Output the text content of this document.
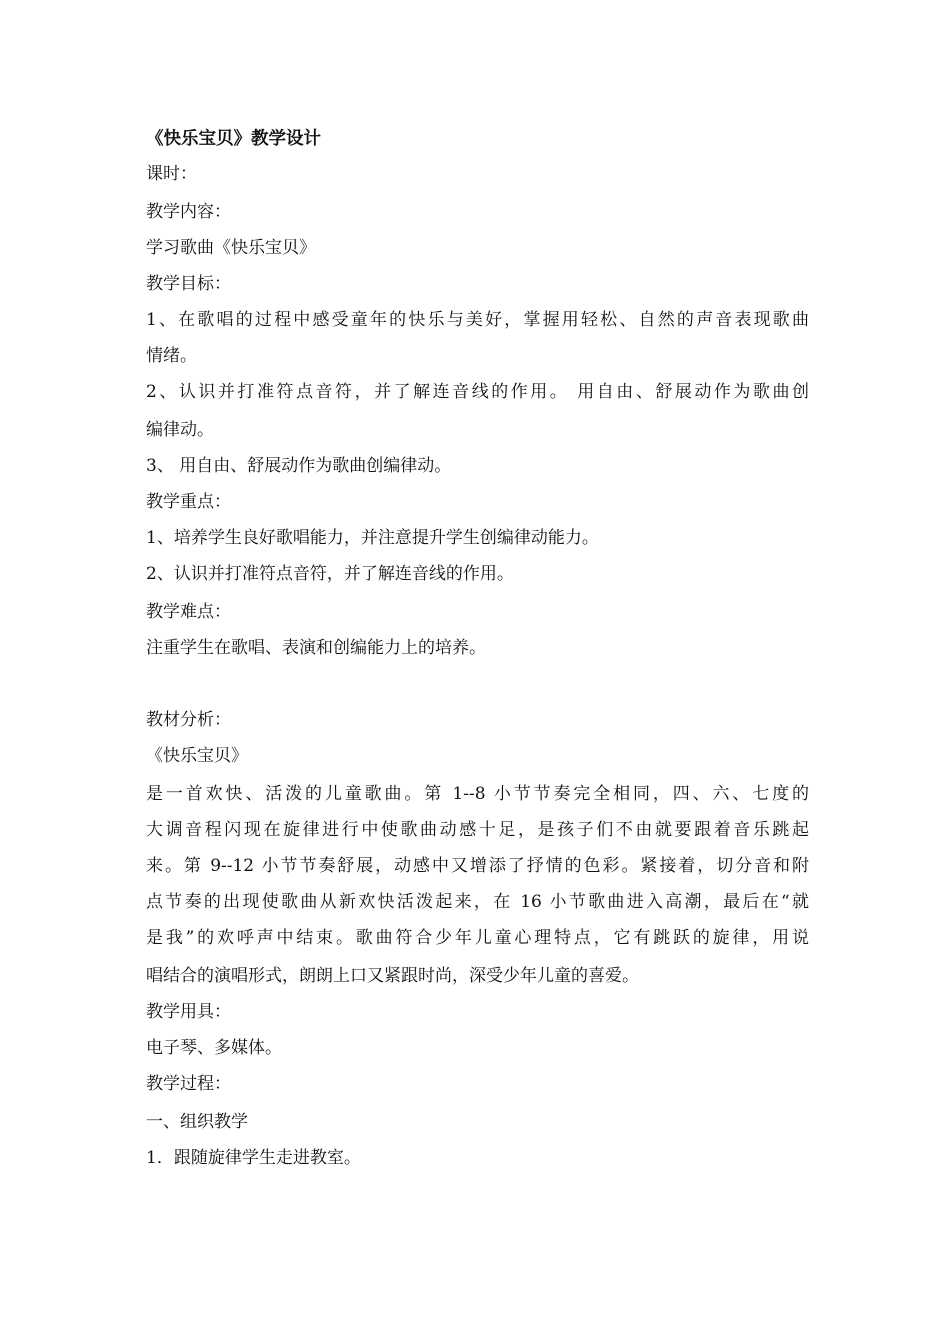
《快乐宝贝》教学设计
课时：
教学内容：
学习歌曲《快乐宝贝》
教学目标：
1、在歌唱的过程中感受童年的快乐与美好，掌握用轻松、自然的声音表现歌曲
情绪。
2、认识并打准符点音符，并了解连音线的作用。 用自由、舒展动作为歌曲创
编律动。
3、 用自由、舒展动作为歌曲创编律动。
教学重点：
1、培养学生良好歌唱能力，并注意提升学生创编律动能力。
2、认识并打准符点音符，并了解连音线的作用。
教学难点：
注重学生在歌唱、表演和创编能力上的培养。
教材分析：
《快乐宝贝》
是一首欢快、活泼的儿童歌曲。第 1--8 小节节奏完全相同，四、六、七度的
大调音程闪现在旋律进行中使歌曲动感十足，是孩子们不由就要跟着音乐跳起
来。第 9--12 小节节奏舒展，动感中又增添了抒情的色彩。紧接着，切分音和附
点节奏的出现使歌曲从新欢快活泼起来，在 16 小节歌曲进入高潮，最后在“就
是我”的欢呼声中结束。歌曲符合少年儿童心理特点，它有跳跃的旋律，用说
唱结合的演唱形式，朗朗上口又紧跟时尚，深受少年儿童的喜爱。
教学用具：
电子琴、多媒体。
教学过程：
一、组织教学
1．跟随旋律学生走进教室。
